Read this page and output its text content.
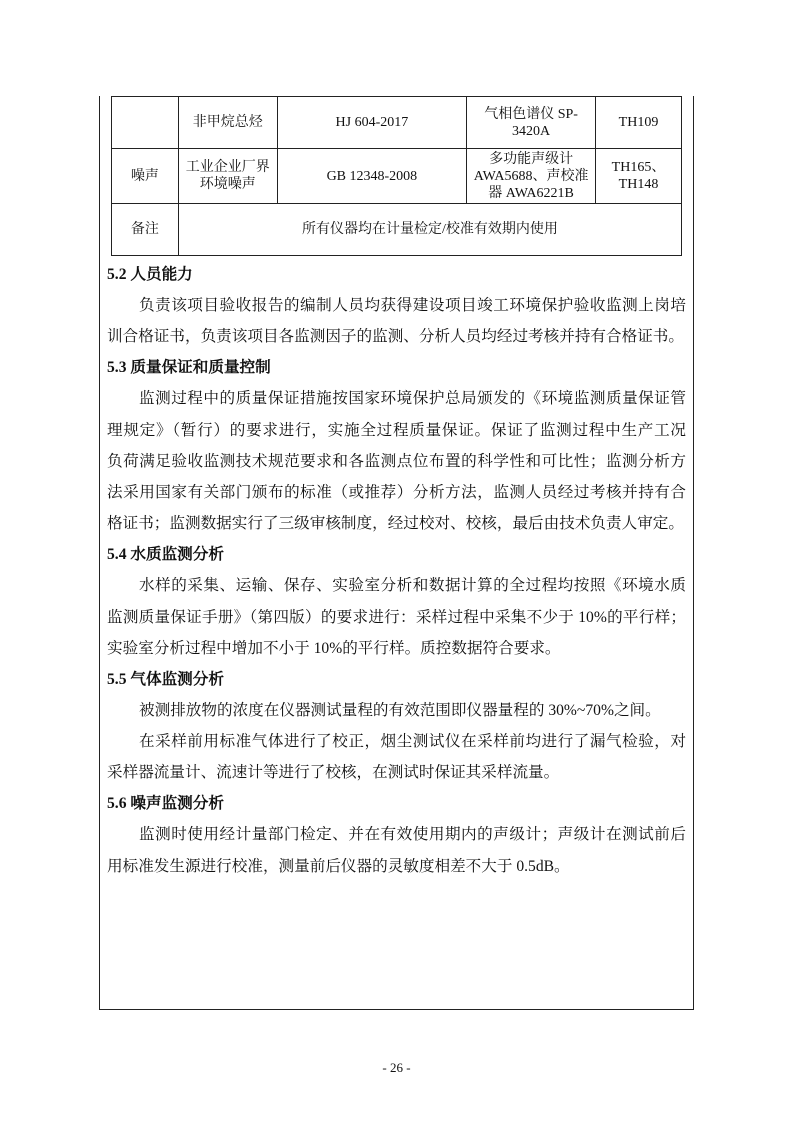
	非甲烷总烃	HJ 604-2017	气相色谱仪 SP-3420A	TH109
噪声	工业企业厂界环境噪声	GB 12348-2008	多功能声级计 AWA5688、声校准器 AWA6221B	TH165、TH148
备注	所有仪器均在计量检定/校准有效期内使用			
5.2 人员能力
负责该项目验收报告的编制人员均获得建设项目竣工环境保护验收监测上岗培
训合格证书，负责该项目各监测因子的监测、分析人员均经过考核并持有合格证书。
5.3 质量保证和质量控制
监测过程中的质量保证措施按国家环境保护总局颁发的《环境监测质量保证管
理规定》（暂行）的要求进行，实施全过程质量保证。保证了监测过程中生产工况
负荷满足验收监测技术规范要求和各监测点位布置的科学性和可比性；监测分析方
法采用国家有关部门颁布的标准（或推荐）分析方法，监测人员经过考核并持有合
格证书；监测数据实行了三级审核制度，经过校对、校核，最后由技术负责人审定。
5.4 水质监测分析
水样的采集、运输、保存、实验室分析和数据计算的全过程均按照《环境水质
监测质量保证手册》（第四版）的要求进行：采样过程中采集不少于 10%的平行样；
实验室分析过程中增加不小于 10%的平行样。质控数据符合要求。
5.5 气体监测分析
被测排放物的浓度在仪器测试量程的有效范围即仪器量程的 30%~70%之间。
在采样前用标准气体进行了校正，烟尘测试仪在采样前均进行了漏气检验，对
采样器流量计、流速计等进行了校核，在测试时保证其采样流量。
5.6 噪声监测分析
监测时使用经计量部门检定、并在有效使用期内的声级计；声级计在测试前后
用标准发生源进行校准，测量前后仪器的灵敏度相差不大于 0.5dB。
- 26 -
